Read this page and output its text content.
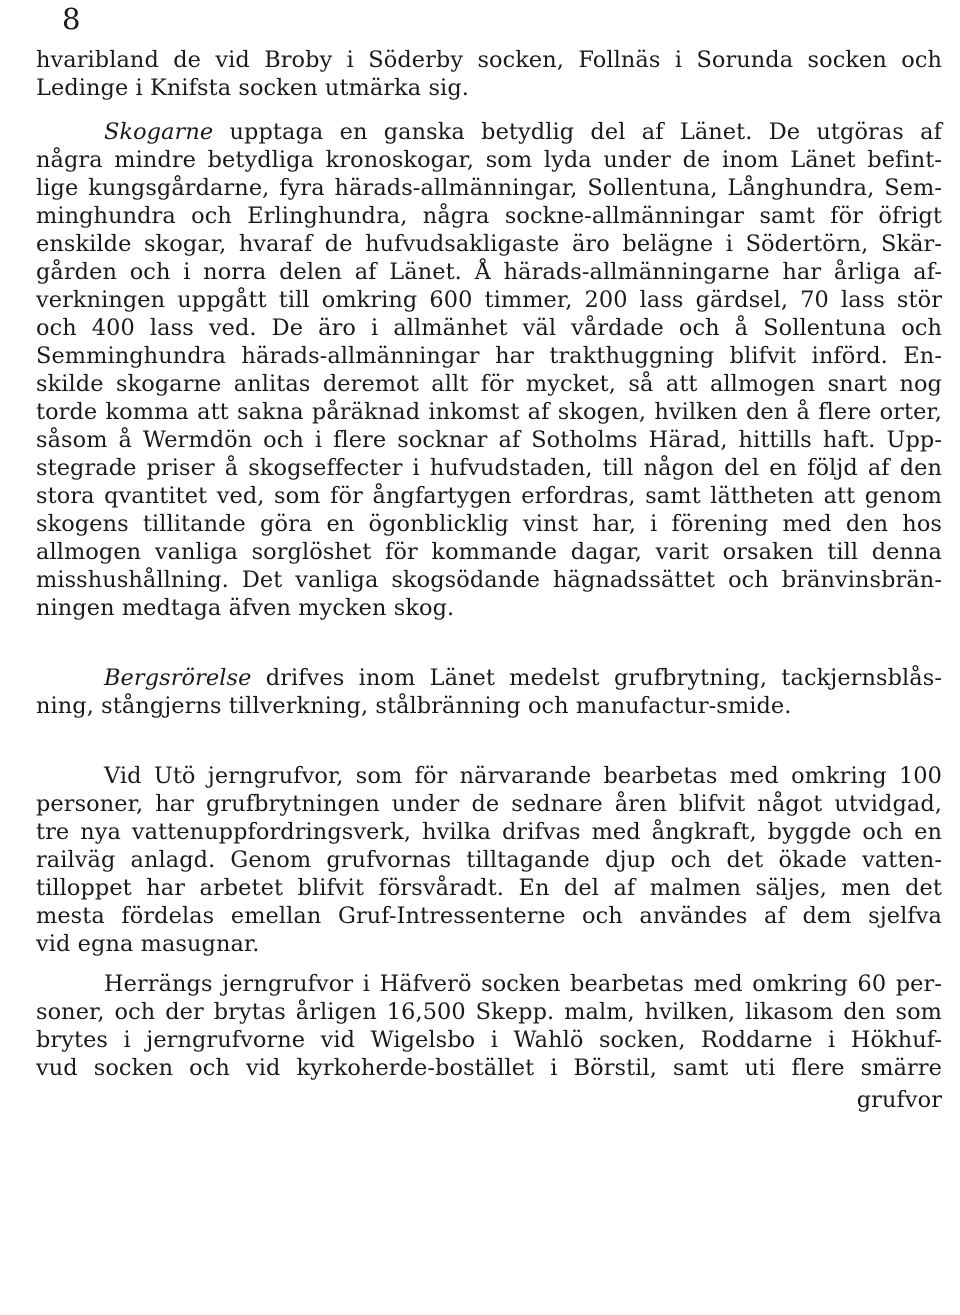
8
hvaribland de vid Broby i Söderby socken, Follnäs i Sorunda socken och
Ledinge i Knifsta socken utmärka sig.
Skogarne upptaga en ganska betydlig del af Länet. De utgöras af
några mindre betydliga kronoskogar, som lyda under de inom Länet befint-
lige kungsgårdarne, fyra härads-allmänningar, Sollentuna, Långhundra, Sem-
minghundra och Erlinghundra, några sockne-allmänningar samt för öfrigt
enskilde skogar, hvaraf de hufvudsakligaste äro belägne i Södertörn, Skär-
gården och i norra delen af Länet. Å härads-allmänningarne har årliga af-
verkningen uppgått till omkring 600 timmer, 200 lass gärdsel, 70 lass stör
och 400 lass ved. De äro i allmänhet väl vårdade och å Sollentuna och
Semminghundra härads-allmänningar har trakthuggning blifvit införd. En-
skilde skogarne anlitas deremot allt för mycket, så att allmogen snart nog
torde komma att sakna påräknad inkomst af skogen, hvilken den å flere orter,
såsom å Wermdön och i flere socknar af Sotholms Härad, hittills haft. Upp-
stegrade priser å skogseffecter i hufvudstaden, till någon del en följd af den
stora qvantitet ved, som för ångfartygen erfordras, samt lättheten att genom
skogens tillitande göra en ögonblicklig vinst har, i förening med den hos
allmogen vanliga sorglöshet för kommande dagar, varit orsaken till denna
misshushållning. Det vanliga skogsödande hägnadssättet och bränvinsbrän-
ningen medtaga äfven mycken skog.
Bergsrörelse drifves inom Länet medelst grufbrytning, tackjernsblås-
ning, stångjerns tillverkning, stålbränning och manufactur-smide.
Vid Utö jerngrufvor, som för närvarande bearbetas med omkring 100
personer, har grufbrytningen under de sednare åren blifvit något utvidgad,
tre nya vattenuppfordringsverk, hvilka drifvas med ångkraft, byggde och en
railväg anlagd. Genom grufvornas tilltagande djup och det ökade vatten-
tilloppet har arbetet blifvit försvåradt. En del af malmen säljes, men det
mesta fördelas emellan Gruf-Intressenterne och användes af dem sjelfva
vid egna masugnar.
Herrängs jerngrufvor i Häfverö socken bearbetas med omkring 60 per-
soner, och der brytas årligen 16,500 Skepp. malm, hvilken, likasom den som
brytes i jerngrufvorne vid Wigelsbo i Wahlö socken, Roddarne i Hökhuf-
vud socken och vid kyrkoherde-bostället i Börstil, samt uti flere smärre
grufvor
